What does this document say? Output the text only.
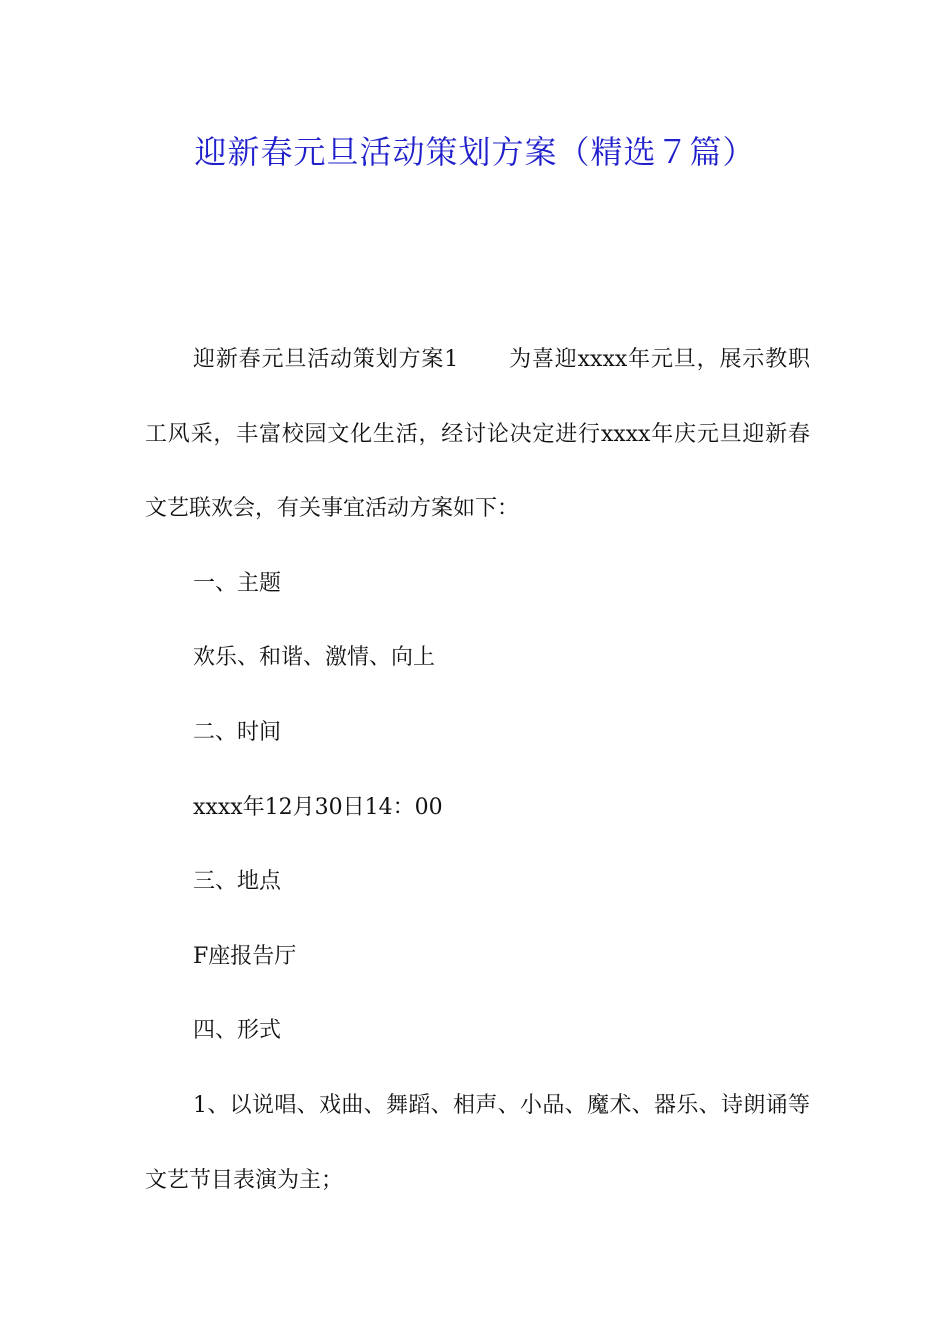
迎新春元旦活动策划方案（精选７篇）

迎新春元旦活动策划方案1 为喜迎xxxx年元旦，展示教职工风采，丰富校园文化生活，经讨论决定进行xxxx年庆元旦迎新春文艺联欢会，有关事宜活动方案如下：

一、主题

欢乐、和谐、激情、向上

二、时间

xxxx年12月30日14：00

三、地点

F座报告厅

四、形式

1、以说唱、戏曲、舞蹈、相声、小品、魔术、器乐、诗朗诵等文艺节目表演为主；
